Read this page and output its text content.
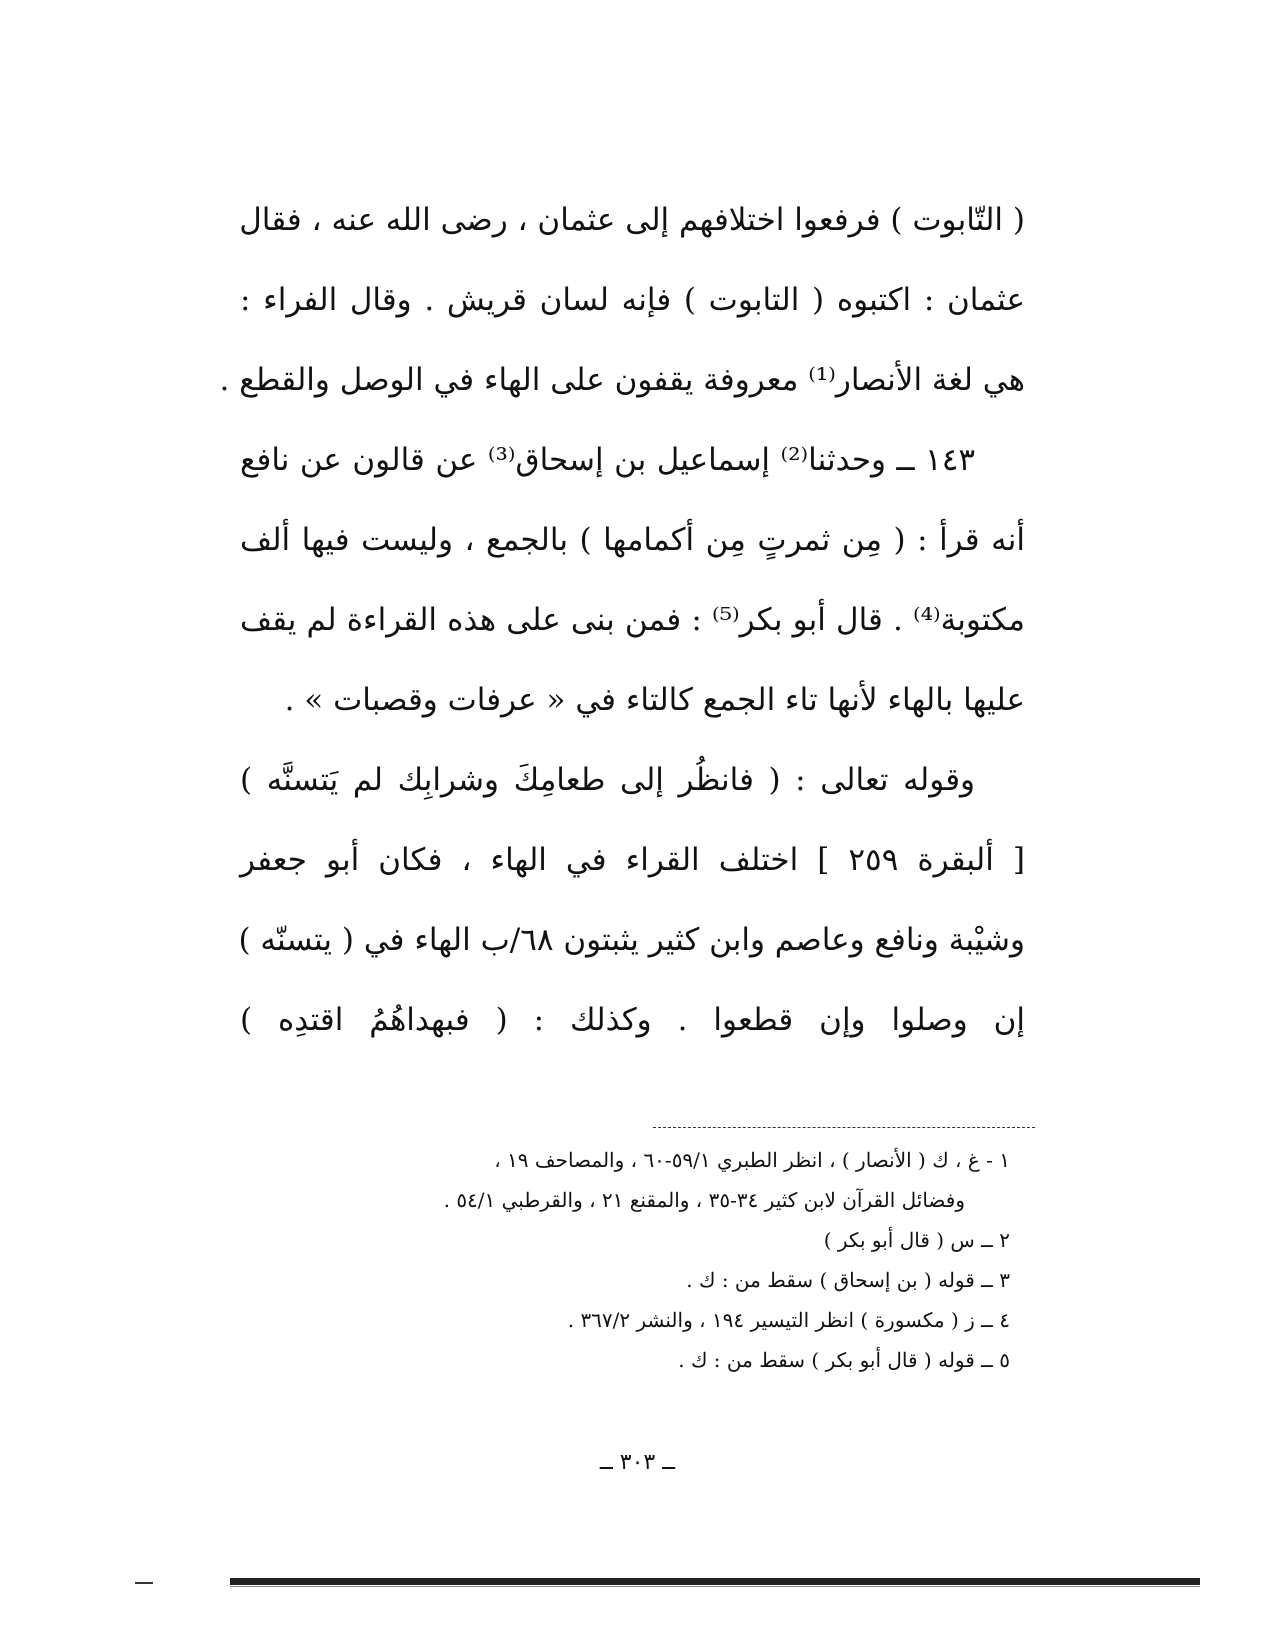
( التّابوت ) فرفعوا اختلافهم إلى عثمان ، رضى الله عنه ، فقال
عثمان : اكتبوه ( التابوت ) فإنه لسان قريش . وقال الفراء :
هي لغة الأنصار⁽¹⁾ معروفة يقفون على الهاء في الوصل والقطع .
١٤٣ ــ وحدثنا⁽²⁾ إسماعيل بن إسحاق⁽³⁾ عن قالون عن نافع
أنه قرأ : ( مِن ثمرتٍ مِن أكمامها ) بالجمع ، وليست فيها ألف
مكتوبة⁽⁴⁾ . قال أبو بكر⁽⁵⁾ : فمن بنى على هذه القراءة لم يقف
عليها بالهاء لأنها تاء الجمع كالتاء في « عرفات وقصبات » .
وقوله تعالى : ( فانظُر إلى طعامِكَ وشرابِك لم يَتسنَّه )
[ ألبقرة ٢٥٩ ] اختلف القراء في الهاء ، فكان أبو جعفر
وشيْبة ونافع وعاصم وابن كثير يثبتون ٦٨/ب الهاء في ( يتسنّه )
إن وصلوا وإن قطعوا . وكذلك : ( فبهداهُمُ اقتدِه )
١ - غ ، ك ( الأنصار ) ، انظر الطبري ٥٩/١-٦٠ ، والمصاحف ١٩ ،
وفضائل القرآن لابن كثير ٣٤-٣٥ ، والمقنع ٢١ ، والقرطبي ٥٤/١ .
٢ ــ س ( قال أبو بكر )
٣ ــ قوله ( بن إسحاق ) سقط من : ك .
٤ ــ ز ( مكسورة ) انظر التيسير ١٩٤ ، والنشر ٣٦٧/٢ .
٥ ــ قوله ( قال أبو بكر ) سقط من : ك .
ــ ٣٠٣ ــ
